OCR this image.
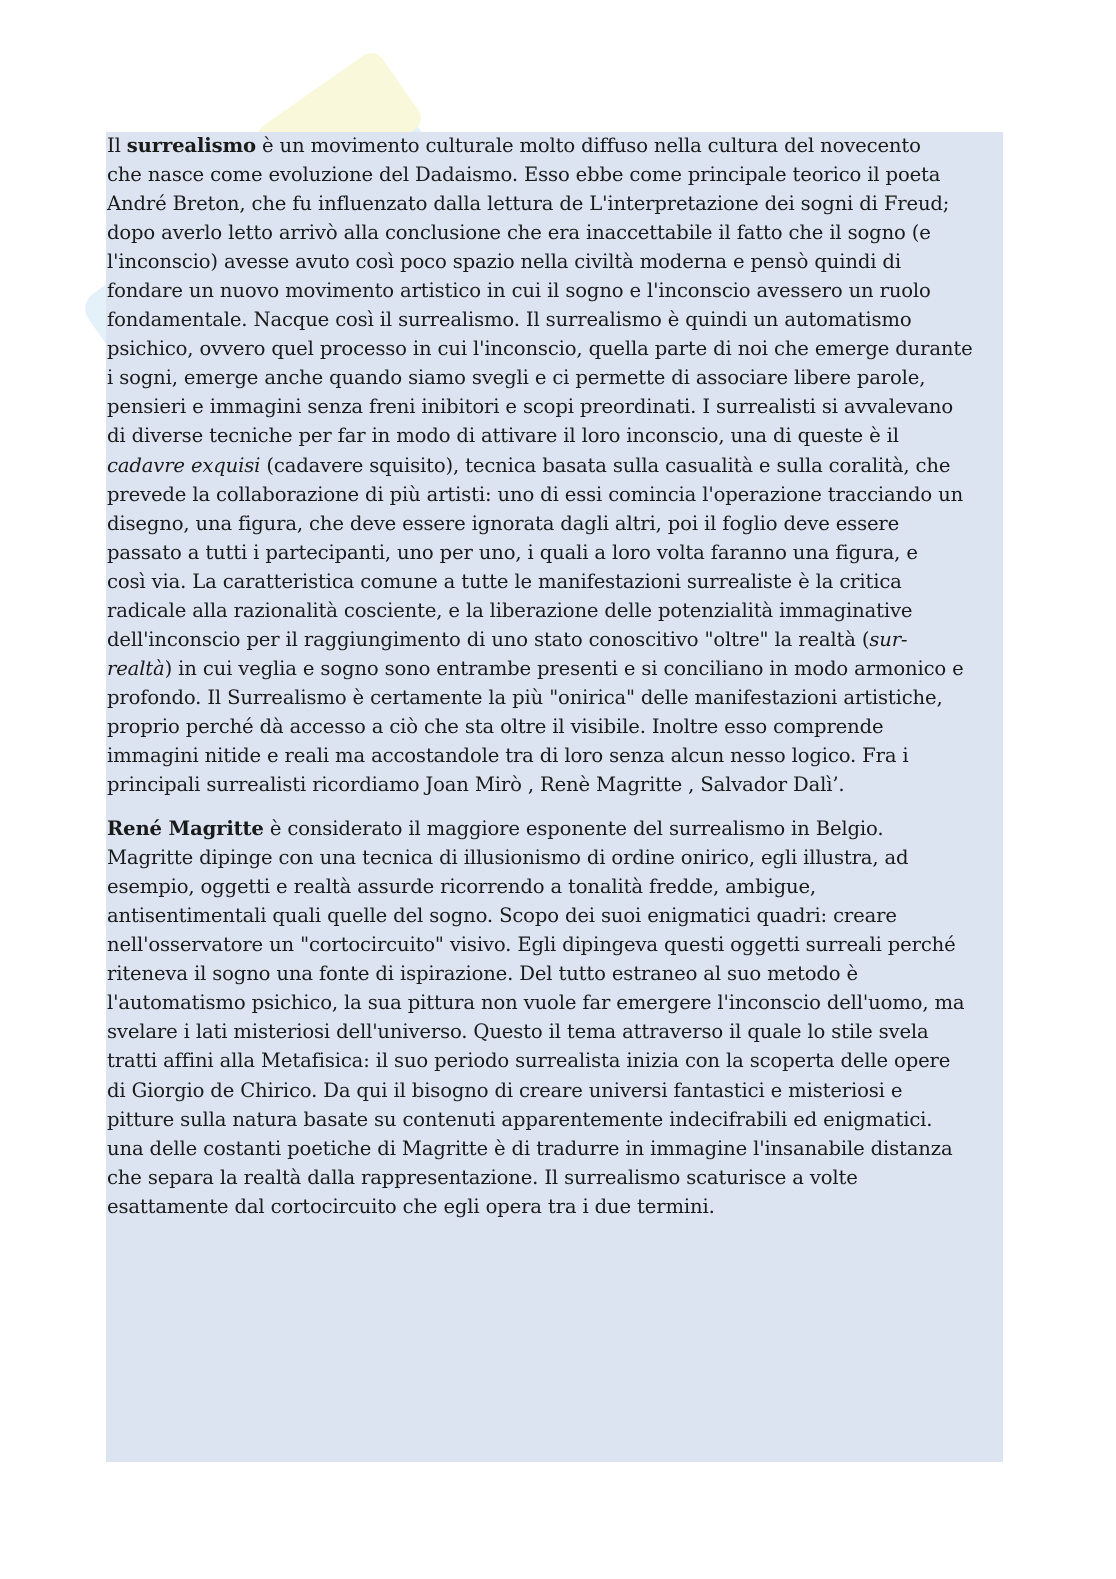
Il surrealismo è un movimento culturale molto diffuso nella cultura del novecento
che nasce come evoluzione del Dadaismo. Esso ebbe come principale teorico il poeta
André Breton, che fu influenzato dalla lettura de L'interpretazione dei sogni di Freud;
dopo averlo letto arrivò alla conclusione che era inaccettabile il fatto che il sogno (e
l'inconscio) avesse avuto così poco spazio nella civiltà moderna e pensò quindi di
fondare un nuovo movimento artistico in cui il sogno e l'inconscio avessero un ruolo
fondamentale. Nacque così il surrealismo. Il surrealismo è quindi un automatismo
psichico, ovvero quel processo in cui l'inconscio, quella parte di noi che emerge durante
i sogni, emerge anche quando siamo svegli e ci permette di associare libere parole,
pensieri e immagini senza freni inibitori e scopi preordinati. I surrealisti si avvalevano
di diverse tecniche per far in modo di attivare il loro inconscio, una di queste è il
cadavre exquisi (cadavere squisito), tecnica basata sulla casualità e sulla coralità, che
prevede la collaborazione di più artisti: uno di essi comincia l'operazione tracciando un
disegno, una figura, che deve essere ignorata dagli altri, poi il foglio deve essere
passato a tutti i partecipanti, uno per uno, i quali a loro volta faranno una figura, e
così via. La caratteristica comune a tutte le manifestazioni surrealiste è la critica
radicale alla razionalità cosciente, e la liberazione delle potenzialità immaginative
dell'inconscio per il raggiungimento di uno stato conoscitivo "oltre" la realtà (sur-
realtà) in cui veglia e sogno sono entrambe presenti e si conciliano in modo armonico e
profondo. Il Surrealismo è certamente la più "onirica" delle manifestazioni artistiche,
proprio perché dà accesso a ciò che sta oltre il visibile. Inoltre esso comprende
immagini nitide e reali ma accostandole tra di loro senza alcun nesso logico. Fra i
principali surrealisti ricordiamo Joan Mirò , Renè Magritte , Salvador Dalì’.

René Magritte è considerato il maggiore esponente del surrealismo in Belgio.
Magritte dipinge con una tecnica di illusionismo di ordine onirico, egli illustra, ad
esempio, oggetti e realtà assurde ricorrendo a tonalità fredde, ambigue,
antisentimentali quali quelle del sogno. Scopo dei suoi enigmatici quadri: creare
nell'osservatore un "cortocircuito" visivo. Egli dipingeva questi oggetti surreali perché
riteneva il sogno una fonte di ispirazione. Del tutto estraneo al suo metodo è
l'automatismo psichico, la sua pittura non vuole far emergere l'inconscio dell'uomo, ma
svelare i lati misteriosi dell'universo. Questo il tema attraverso il quale lo stile svela
tratti affini alla Metafisica: il suo periodo surrealista inizia con la scoperta delle opere
di Giorgio de Chirico. Da qui il bisogno di creare universi fantastici e misteriosi e
pitture sulla natura basate su contenuti apparentemente indecifrabili ed enigmatici.
una delle costanti poetiche di Magritte è di tradurre in immagine l'insanabile distanza
che separa la realtà dalla rappresentazione. Il surrealismo scaturisce a volte
esattamente dal cortocircuito che egli opera tra i due termini.
